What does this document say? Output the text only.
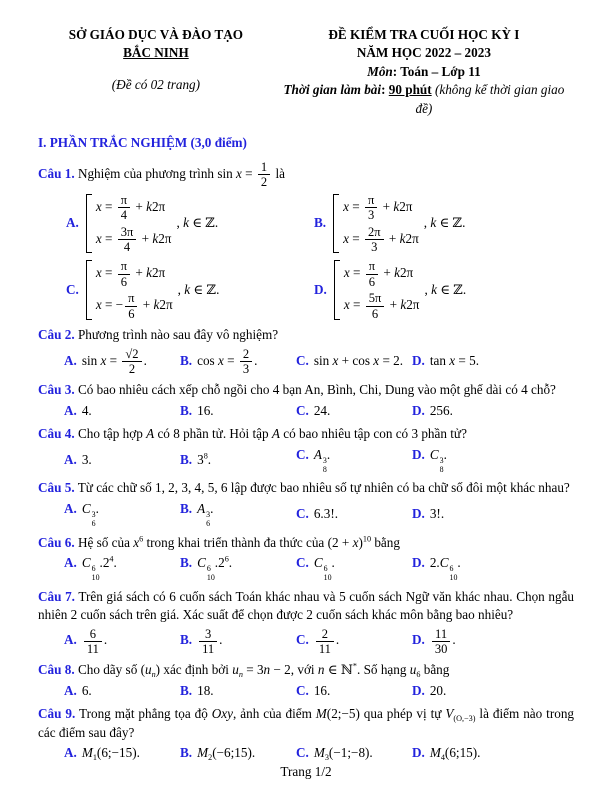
SỞ GIÁO DỤC VÀ ĐÀO TẠO
BẮC NINH
(Đề có 02 trang)
ĐỀ KIỂM TRA CUỐI HỌC KỲ I
NĂM HỌC 2022 – 2023
Môn: Toán – Lớp 11
Thời gian làm bài: 90 phút (không kể thời gian giao đề)
I. PHẦN TRẮC NGHIỆM (3,0 điểm)
Câu 1. Nghiệm của phương trình $\sin x = \frac{1}{2}$ là
A.
$x = \frac{\pi}{4} + k2\pi$
$x = \frac{3\pi}{4} + k2\pi$
, k ∈ ℤ.	B.
$x = \frac{\pi}{3} + k2\pi$
$x = \frac{2\pi}{3} + k2\pi$
, k ∈ ℤ.
C.
$x = \frac{\pi}{6} + k2\pi$
x = − $\frac{\pi}{6} + k2\pi$
, k ∈ ℤ.	D.
$x = \frac{\pi}{6} + k2\pi$
$x = \frac{5\pi}{6} + k2\pi$
, k ∈ ℤ.
Câu 2. Phương trình nào sau đây vô nghiệm?
A. $\sin x = \frac{√2}{2}$ .	B. $\cos x = \frac{2}{3}$ .	C. sin x + cos x = 2. D. tan x = 5.
Câu 3. Có bao nhiêu cách xếp chỗ ngồi cho 4 bạn An, Bình, Chi, Dung vào một ghế dài có 4 chỗ?
A. 4.	B. 16.	C. 24.	D. 256.
Câu 4. Cho tập hợp A có 8 phần tử. Hỏi tập A có bao nhiêu tập con có 3 phần tử?
A. 3.	B. $3^8$.	C. A 3
8
.	D. C 3
8
.
Câu 5. Từ các chữ số 1, 2, 3, 4, 5, 6 lập được bao nhiêu số tự nhiên có ba chữ số đôi một khác nhau?
A. C 3
6
.	B. A 3
6
.	C. 6.3!.	D. 3!.
Câu 6. Hệ số của $x^6$ trong khai triển thành đa thức của $(2 + x)^{10}$ bằng
A. C 6
10
$.2^4$.	B. C 6
10
$.2^6$.	C. C 6
10
.	D. 2.C 6
10
.
Câu 7. Trên giá sách có 6 cuốn sách Toán khác nhau và 5 cuốn sách Ngữ văn khác nhau. Chọn ngẫu nhiên 2 cuốn sách trên giá. Xác suất để chọn được 2 cuốn sách khác môn bằng bao nhiêu?
A. $\frac{6}{11}$ .	B. $\frac{3}{11}$ .	C. $\frac{2}{11}$ .	D. $\frac{11}{30}$ .
Câu 8. Cho dãy số $(u_n)$ xác định bởi $u_n = 3n - 2$, với n ∈ ℕ*. Số hạng $u_6$ bằng
A. 6.	B. 18.	C. 16.	D. 20.
Câu 9. Trong mặt phẳng tọa độ Oxy, ảnh của điểm M(2;−5) qua phép vị tự $V_{(O,-3)}$ là điểm nào trong các điểm sau đây?
A. $M_1(6;-15)$.	B. $M_2(-6;15)$.	C. $M_3(-1;-8)$.	D. $M_4(6;15)$.
Trang 1/2
